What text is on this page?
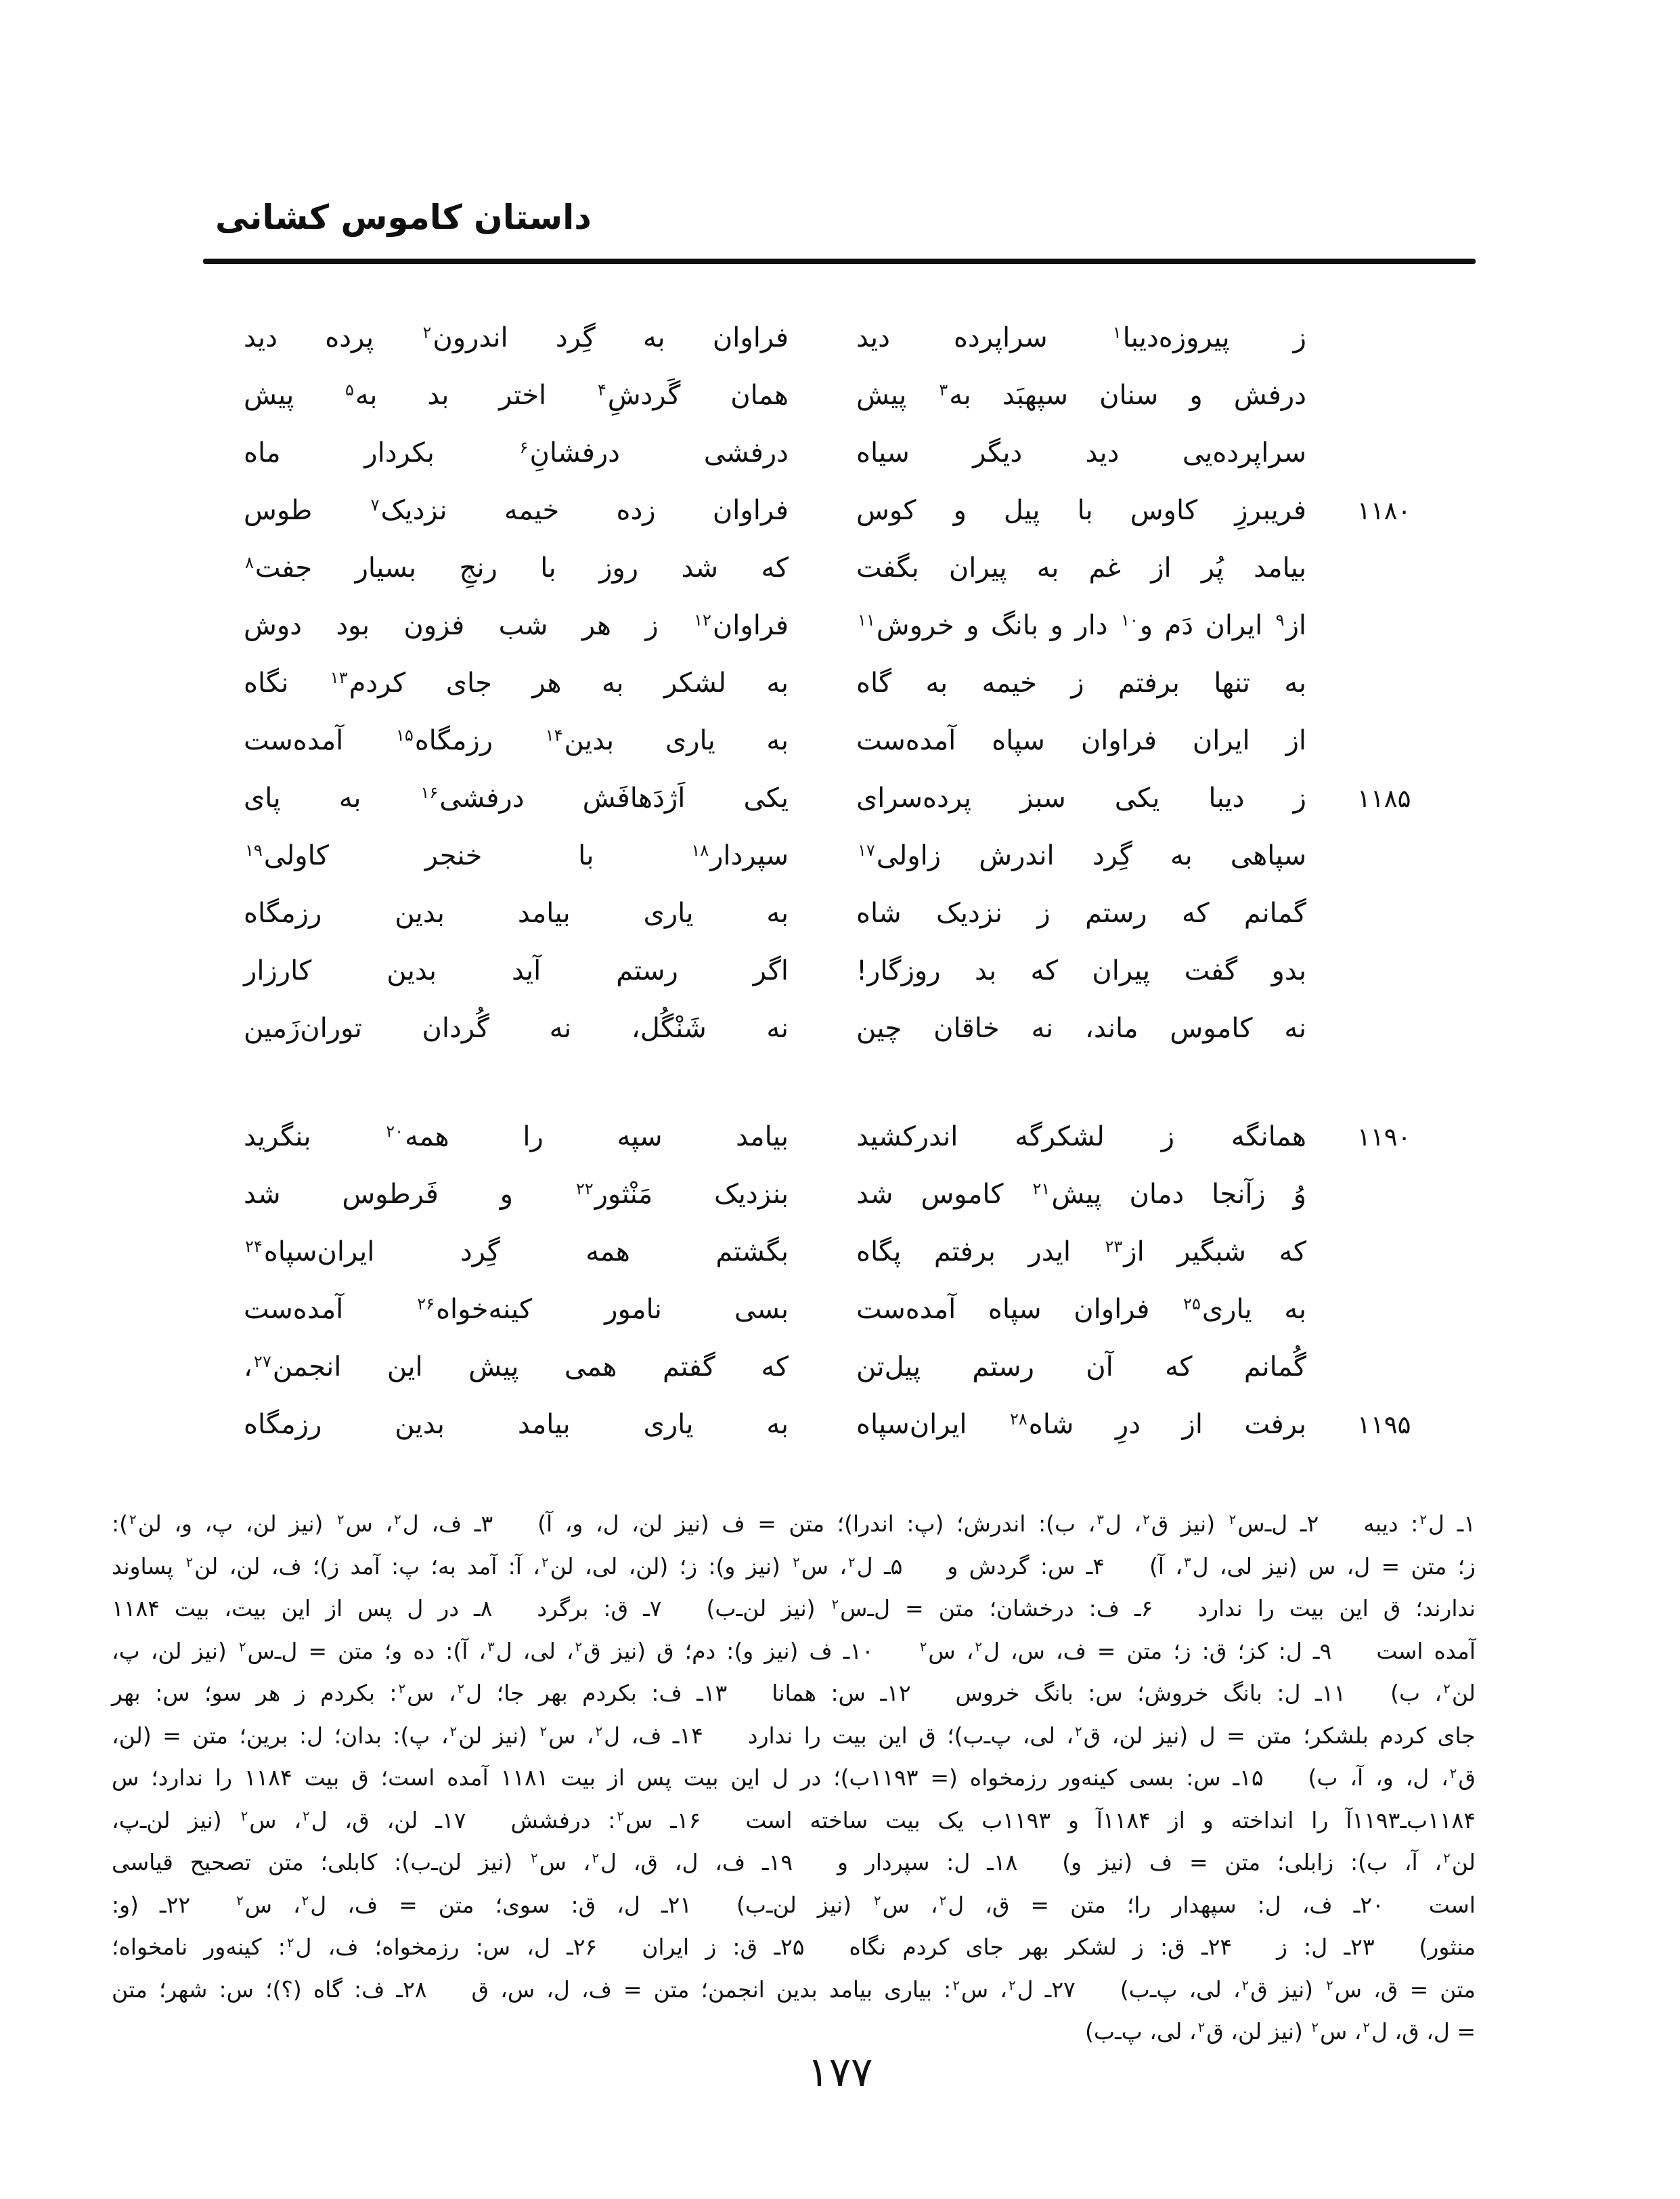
داستان کاموس کشانی
فراوان به گِرد اندرون$^۲$ پرده دید	ز پیروزه‌دیبا$^۱$ سراپرده دید
همان گَردشِ$^۴$ اختر بد به$^۵$ پیش	درفش و سنان سپهبَد به$^۳$ پیش
درفشی درفشانِ$^۶$ بکردار ماه	سراپرده‌یی دید دیگر سیاه
فراوان زده خیمه نزدیک$^۷$ طوس	فریبرزِ کاوس با پیل و کوس ۱۱۸۰
که شد روز با رنجِ بسیار جفت$^۸$	بیامد پُر از غم به پیران بگفت
فراوان$^{۱۲}$ ز هر شب فزون بود دوش	از$^۹$ ایران دَم و$^{۱۰}$ دار و بانگ و خروش$^{۱۱}$
به لشکر به هر جای کردم$^{۱۳}$ نگاه	به تنها برفتم ز خیمه به گاه
به یاری بدین$^{۱۴}$ رزمگاه$^{۱۵}$ آمده‌ست	از ایران فراوان سپاه آمده‌ست
یکی اَژدَهافَش درفشی$^{۱۶}$ به پای	ز دیبا یکی سبز پرده‌سرای ۱۱۸۵
سپردار$^{۱۸}$ با خنجر کاولی$^{۱۹}$	سپاهی به گِرد اندرش زاولی$^{۱۷}$
به یاری بیامد بدین رزمگاه	گمانم که رستم ز نزدیک شاه
اگر رستم آید بدین کارزار	بدو گفت پیران که بد روزگار!
نه شَنْگُل، نه گُردان توران‌زَمین	نه کاموس ماند، نه خاقان چین
بیامد سپه را همه$^{۲۰}$ بنگرید	همانگه ز لشکرگه اندرکشید ۱۱۹۰
بنزدیک مَنْثور$^{۲۲}$ و فَرطوس شد	وُ زآنجا دمان پیش$^{۲۱}$ کاموس شد
بگشتم همه گِرد ایران‌سپاه$^{۲۴}$	که شبگیر از$^{۲۳}$ ایدر برفتم پگاه
بسی نامور کینه‌خواه$^{۲۶}$ آمده‌ست	به یاری$^{۲۵}$ فراوان سپاه آمده‌ست
که گفتم همی پیش این انجمن$^{۲۷}$،	گُمانم که آن رستم پیل‌تن
به یاری بیامد بدین رزمگاه	برفت از درِ شاه$^{۲۸}$ ایران‌سپاه	۱۱۹۵
۱ـ ل$^۲$: دیبه  ۲ـ ل‌ـ‌س$^۲$ (نیز ق$^۲$، ل$^۳$، ب): اندرش؛ (پ: اندرا)؛ متن = ف (نیز لن، ل، و، آ)  ۳ـ ف، ل$^۲$، س$^۲$ (نیز لن، پ، و، لن$^۲$):
ز؛ متن = ل، س (نیز لی، ل$^۳$، آ)  ۴ـ س: گردش و  ۵ـ ل$^۲$، س$^۲$ (نیز و): ز؛ (لن، لی، لن$^۲$، آ: آمد به؛ پ: آمد ز)؛ ف، لن، لن$^۲$ پساوند
ندارند؛ ق این بیت را ندارد  ۶ـ ف: درخشان؛ متن = ل‌ـ‌س$^۲$ (نیز لن‌ـ‌ب)  ۷ـ ق: برگرد  ۸ـ در ل پس از این بیت، بیت ۱۱۸۴
آمده است  ۹ـ ل: کز؛ ق: ز؛ متن = ف، س، ل$^۲$، س$^۲$  ۱۰ـ ف (نیز و): دم؛ ق (نیز ق$^۲$، لی، ل$^۳$، آ): ده و؛ متن = ل‌ـ‌س$^۲$ (نیز لن، پ،
لن$^۲$، ب)  ۱۱ـ ل: بانگ خروش؛ س: بانگ خروس  ۱۲ـ س: همانا  ۱۳ـ ف: بکردم بهر جا؛ ل$^۲$، س$^۲$: بکردم ز هر سو؛ س: بهر
جای کردم بلشکر؛ متن = ل (نیز لن، ق$^۲$، لی، پ‌ـ‌ب)؛ ق این بیت را ندارد  ۱۴ـ ف، ل$^۲$، س$^۲$ (نیز لن$^۲$، پ): بدان؛ ل: برین؛ متن = (لن،
ق$^۲$، ل، و، آ، ب)  ۱۵ـ س: بسی کینه‌ور رزمخواه (= ۱۱۹۳ب)؛ در ل این بیت پس از بیت ۱۱۸۱ آمده است؛ ق بیت ۱۱۸۴ را ندارد؛ س
۱۱۸۴ب‌ـ‌۱۱۹۳آ را انداخته و از ۱۱۸۴آ و ۱۱۹۳ب یک بیت ساخته است  ۱۶ـ س$^۲$: درفشش  ۱۷ـ لن، ق، ل$^۲$، س$^۲$ (نیز لن‌ـ‌پ،
لن$^۲$، آ، ب): زابلی؛ متن = ف (نیز و)  ۱۸ـ ل: سپردار و  ۱۹ـ ف، ل، ق، ل$^۲$، س$^۲$ (نیز لن‌ـ‌ب): کابلی؛ متن تصحیح قیاسی
است  ۲۰ـ ف، ل: سپهدار را؛ متن = ق، ل$^۲$، س$^۲$ (نیز لن‌ـ‌ب)  ۲۱ـ ل، ق: سوی؛ متن = ف، ل$^۲$، س$^۲$  ۲۲ـ (و:
منثور)  ۲۳ـ ل: ز  ۲۴ـ ق: ز لشکر بهر جای کردم نگاه  ۲۵ـ ق: ز ایران  ۲۶ـ ل، س: رزمخواه؛ ف، ل$^۲$: کینه‌ور نامخواه؛
متن = ق، س$^۲$ (نیز ق$^۲$، لی، پ‌ـ‌ب)  ۲۷ـ ل$^۲$، س$^۲$: بیاری بیامد بدین انجمن؛ متن = ف، ل، س، ق  ۲۸ـ ف: گاه (؟)؛ س: شهر؛ متن
= ل، ق، ل$^۲$، س$^۲$ (نیز لن، ق$^۲$، لی، پ‌ـ‌ب)
۱۷۷
